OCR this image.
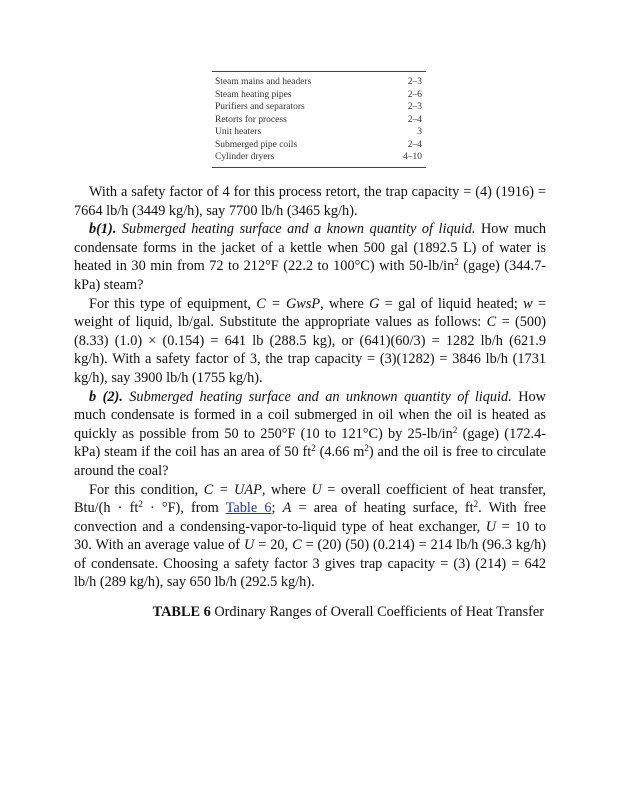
Steam mains and headers	2–3
Steam heating pipes	2–6
Purifiers and separators	2–3
Retorts for process	2–4
Unit heaters	3
Submerged pipe coils	2–4
Cylinder dryers	4–10

With a safety factor of 4 for this process retort, the trap capacity = (4) (1916) = 7664 lb/h (3449 kg/h), say 7700 lb/h (3465 kg/h).

b(1). Submerged heating surface and a known quantity of liquid. How much condensate forms in the jacket of a kettle when 500 gal (1892.5 L) of water is heated in 30 min from 72 to 212°F (22.2 to 100°C) with $50-lb/in^2$ (gage) (344.7-kPa) steam?

For this type of equipment, C = GwsP, where G = gal of liquid heated; w = weight of liquid, lb/gal. Substitute the appropriate values as follows: C = (500) (8.33) (1.0) × (0.154) = 641 lb (288.5 kg), or (641)(60/3) = 1282 lb/h (621.9 kg/h). With a safety factor of 3, the trap capacity = (3)(1282) = 3846 lb/h (1731 kg/h), say 3900 lb/h (1755 kg/h).

b (2). Submerged heating surface and an unknown quantity of liquid. How much condensate is formed in a coil submerged in oil when the oil is heated as quickly as possible from 50 to 250°F (10 to 121°C) by $25-lb/in^2$ (gage) (172.4-kPa) steam if the coil has an area of 50 $ft^2$ (4.66 $m^2$) and the oil is free to circulate around the coal?

For this condition, C = UAP, where U = overall coefficient of heat transfer, $Btu/(h \cdot ft^2 \cdot ^\circ F)$, from Table 6; A = area of heating surface, $ft^2$. With free convection and a condensing-vapor-to-liquid type of heat exchanger, U = 10 to 30. With an average value of U = 20, C = (20) (50) (0.214) = 214 lb/h (96.3 kg/h) of condensate. Choosing a safety factor 3 gives trap capacity = (3) (214) = 642 lb/h (289 kg/h), say 650 lb/h (292.5 kg/h).

TABLE 6 Ordinary Ranges of Overall Coefficients of Heat Transfer
